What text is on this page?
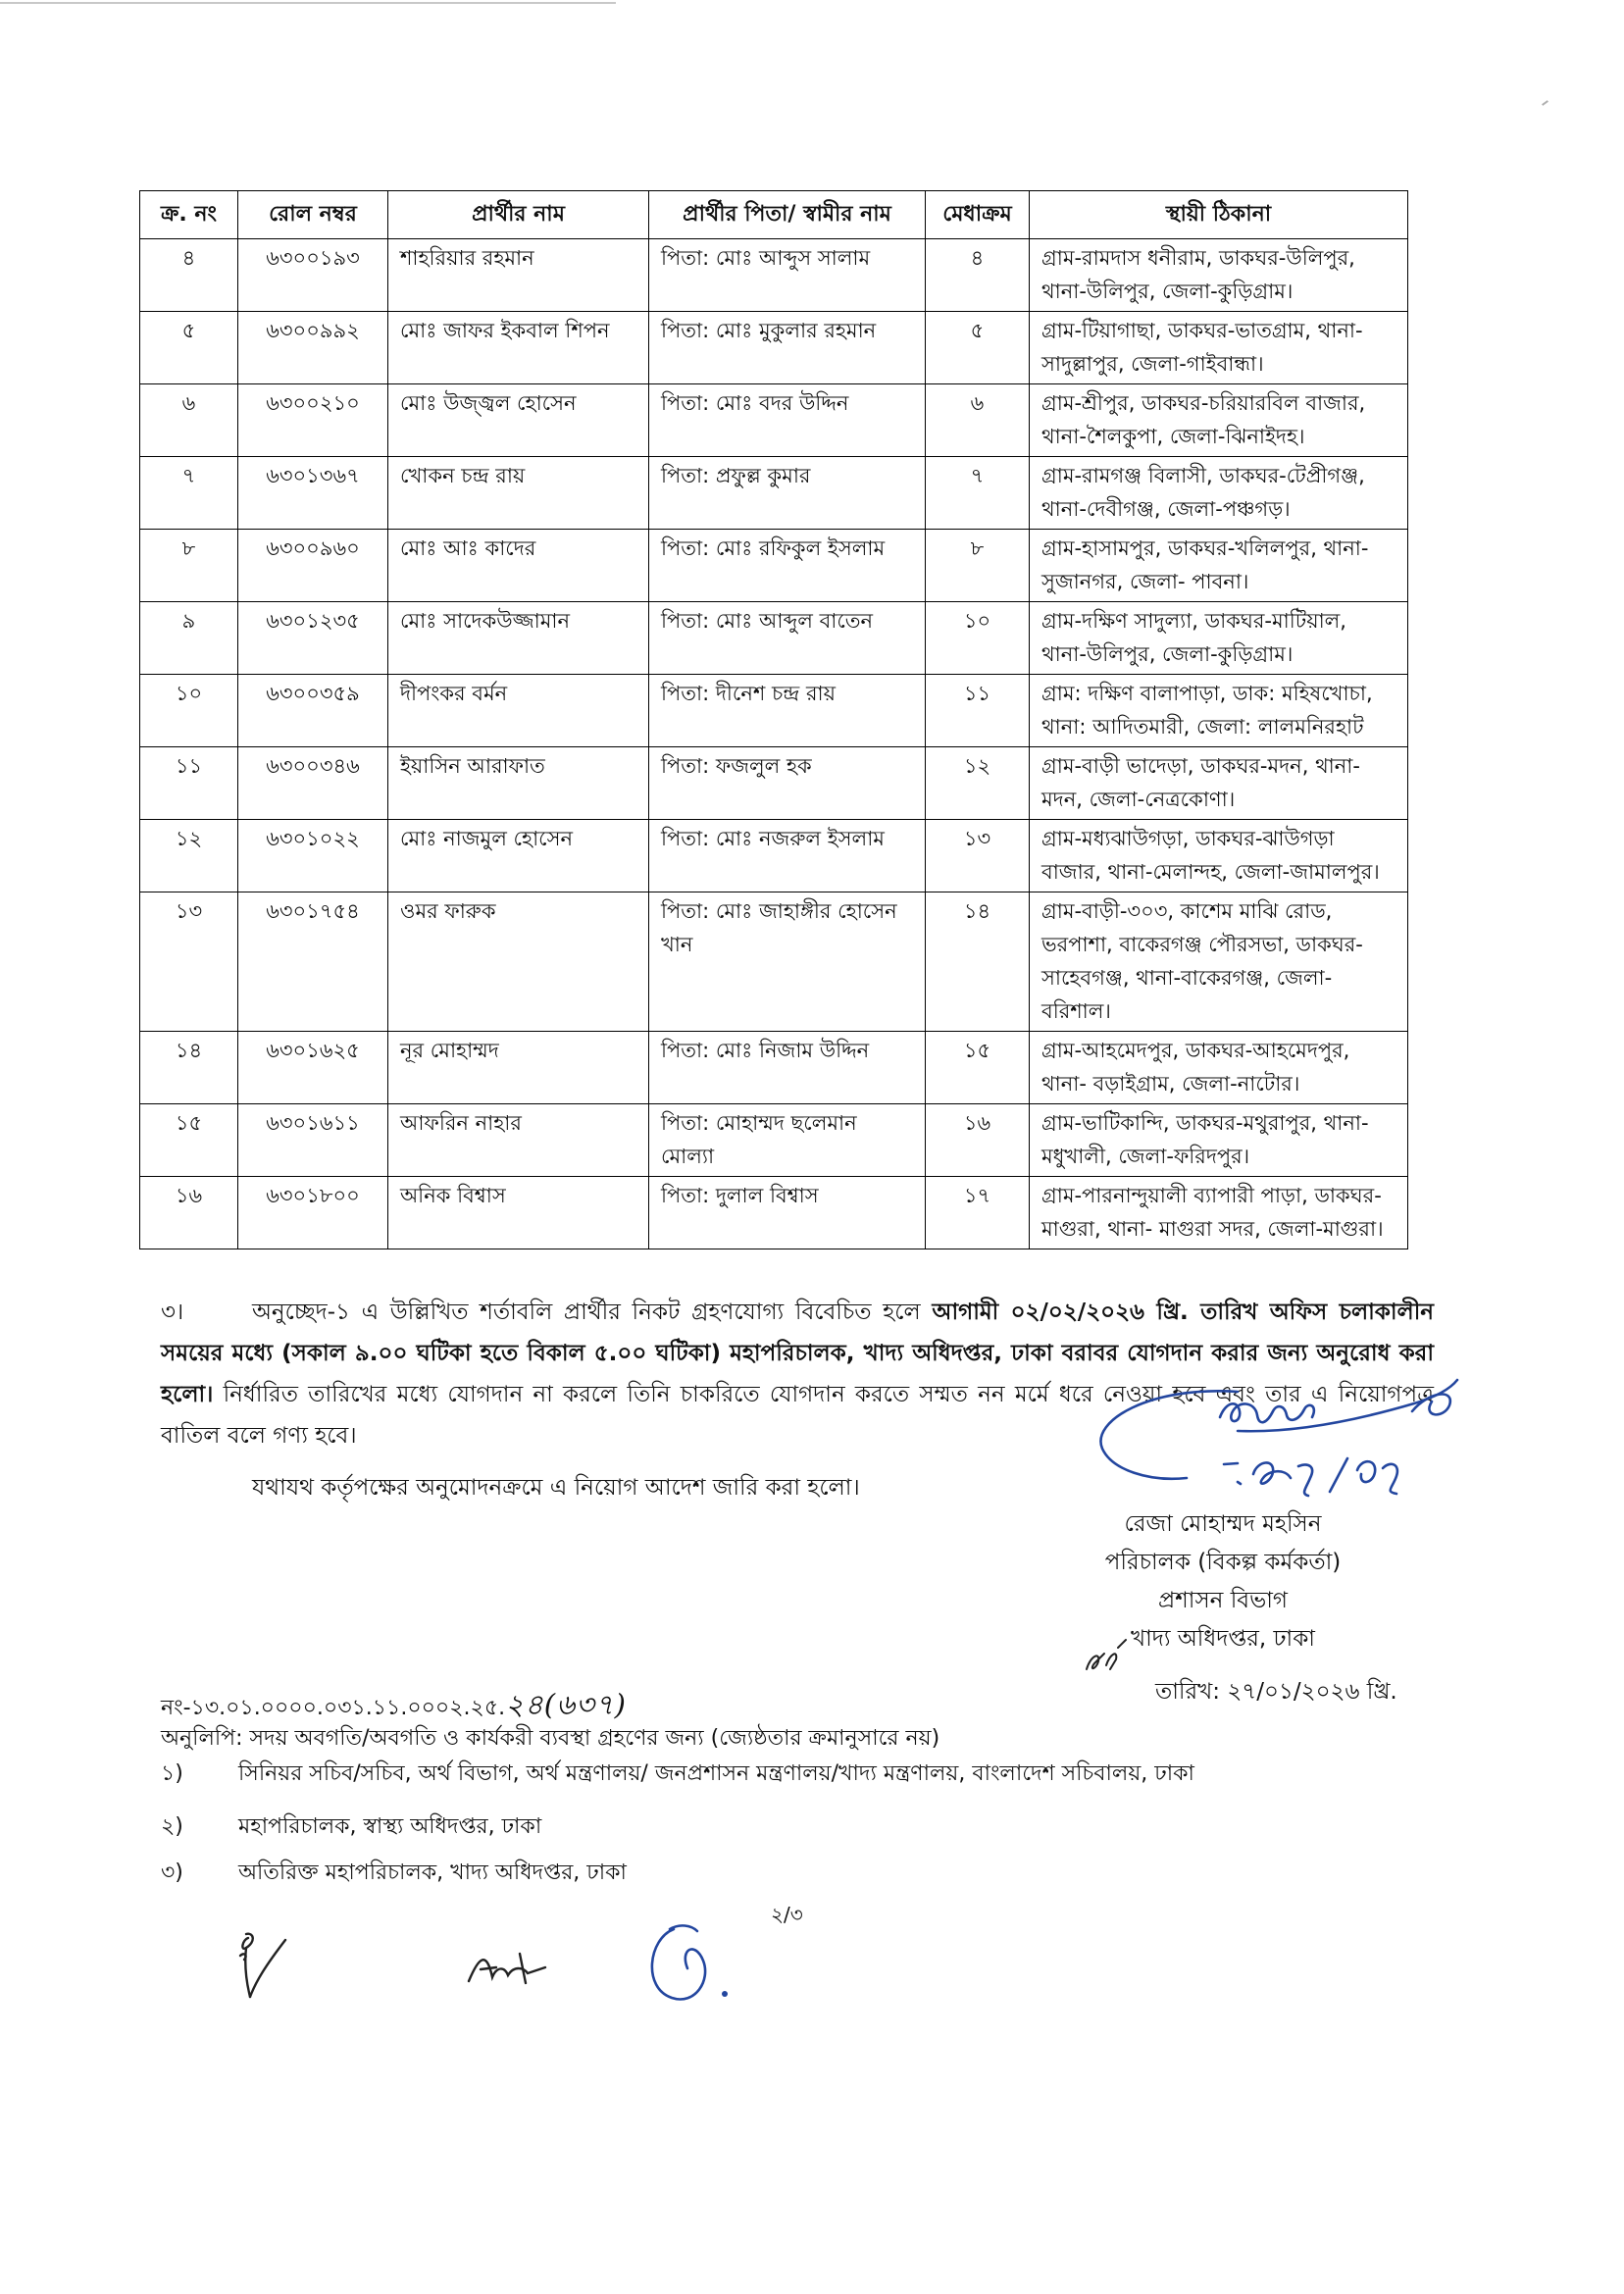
ক্র. নং	রোল নম্বর	প্রার্থীর নাম	প্রার্থীর পিতা/ স্বামীর নাম	মেধাক্রম	স্থায়ী ঠিকানা
৪	৬৩০০১৯৩	শাহরিয়ার রহমান	পিতা: মোঃ আব্দুস সালাম	৪	গ্রাম-রামদাস ধনীরাম, ডাকঘর-উলিপুর, থানা-উলিপুর, জেলা-কুড়িগ্রাম।
৫	৬৩০০৯৯২	মোঃ জাফর ইকবাল শিপন	পিতা: মোঃ মুকুলার রহমান	৫	গ্রাম-টিয়াগাছা, ডাকঘর-ভাতগ্রাম, থানা-সাদুল্লাপুর, জেলা-গাইবান্ধা।
৬	৬৩০০২১০	মোঃ উজ্জ্বল হোসেন	পিতা: মোঃ বদর উদ্দিন	৬	গ্রাম-শ্রীপুর, ডাকঘর-চরিয়ারবিল বাজার, থানা-শৈলকুপা, জেলা-ঝিনাইদহ।
৭	৬৩০১৩৬৭	খোকন চন্দ্র রায়	পিতা: প্রফুল্ল কুমার	৭	গ্রাম-রামগঞ্জ বিলাসী, ডাকঘর-টেপ্রীগঞ্জ, থানা-দেবীগঞ্জ, জেলা-পঞ্চগড়।
৮	৬৩০০৯৬০	মোঃ আঃ কাদের	পিতা: মোঃ রফিকুল ইসলাম	৮	গ্রাম-হাসামপুর, ডাকঘর-খলিলপুর, থানা-সুজানগর, জেলা- পাবনা।
৯	৬৩০১২৩৫	মোঃ সাদেকউজ্জামান	পিতা: মোঃ আব্দুল বাতেন	১০	গ্রাম-দক্ষিণ সাদুল্যা, ডাকঘর-মাটিয়াল, থানা-উলিপুর, জেলা-কুড়িগ্রাম।
১০	৬৩০০৩৫৯	দীপংকর বর্মন	পিতা: দীনেশ চন্দ্র রায়	১১	গ্রাম: দক্ষিণ বালাপাড়া, ডাক: মহিষখোচা, থানা: আদিতমারী, জেলা: লালমনিরহাট
১১	৬৩০০৩৪৬	ইয়াসিন আরাফাত	পিতা: ফজলুল হক	১২	গ্রাম-বাড়ী ভাদেড়া, ডাকঘর-মদন, থানা-মদন, জেলা-নেত্রকোণা।
১২	৬৩০১০২২	মোঃ নাজমুল হোসেন	পিতা: মোঃ নজরুল ইসলাম	১৩	গ্রাম-মধ্যঝাউগড়া, ডাকঘর-ঝাউগড়া বাজার, থানা-মেলান্দহ, জেলা-জামালপুর।
১৩	৬৩০১৭৫৪	ওমর ফারুক	পিতা: মোঃ জাহাঙ্গীর হোসেন খান	১৪	গ্রাম-বাড়ী-৩০৩, কাশেম মাঝি রোড, ভরপাশা, বাকেরগঞ্জ পৌরসভা, ডাকঘর-সাহেবগঞ্জ, থানা-বাকেরগঞ্জ, জেলা-বরিশাল।
১৪	৬৩০১৬২৫	নূর মোহাম্মদ	পিতা: মোঃ নিজাম উদ্দিন	১৫	গ্রাম-আহমেদপুর, ডাকঘর-আহমেদপুর, থানা- বড়াইগ্রাম, জেলা-নাটোর।
১৫	৬৩০১৬১১	আফরিন নাহার	পিতা: মোহাম্মদ ছলেমান মোল্যা	১৬	গ্রাম-ভাটিকান্দি, ডাকঘর-মথুরাপুর, থানা- মধুখালী, জেলা-ফরিদপুর।
১৬	৬৩০১৮০০	অনিক বিশ্বাস	পিতা: দুলাল বিশ্বাস	১৭	গ্রাম-পারনান্দুয়ালী ব্যাপারী পাড়া, ডাকঘর-মাগুরা, থানা- মাগুরা সদর, জেলা-মাগুরা।

৩।	অনুচ্ছেদ-১ এ উল্লিখিত শর্তাবলি প্রার্থীর নিকট গ্রহণযোগ্য বিবেচিত হলে আগামী ০২/০২/২০২৬ খ্রি. তারিখ অফিস চলাকালীন সময়ের মধ্যে (সকাল ৯.০০ ঘটিকা হতে বিকাল ৫.০০ ঘটিকা) মহাপরিচালক, খাদ্য অধিদপ্তর, ঢাকা বরাবর যোগদান করার জন্য অনুরোধ করা হলো। নির্ধারিত তারিখের মধ্যে যোগদান না করলে তিনি চাকরিতে যোগদান করতে সম্মত নন মর্মে ধরে নেওয়া হবে এবং তার এ নিয়োগপত্র বাতিল বলে গণ্য হবে।

যথাযথ কর্তৃপক্ষের অনুমোদনক্রমে এ নিয়োগ আদেশ জারি করা হলো।
রেজা মোহাম্মদ মহসিন
পরিচালক (বিকল্প কর্মকর্তা)
প্রশাসন বিভাগ
খাদ্য অধিদপ্তর, ঢাকা
তারিখ: ২৭/০১/২০২৬ খ্রি.
নং-১৩.০১.০০০০.০৩১.১১.০০০২.২৫.২৪(৬৩৭)
অনুলিপি: সদয় অবগতি/অবগতি ও কার্যকরী ব্যবস্থা গ্রহণের জন্য (জ্যেষ্ঠতার ক্রমানুসারে নয়)
১)	সিনিয়র সচিব/সচিব, অর্থ বিভাগ, অর্থ মন্ত্রণালয়/ জনপ্রশাসন মন্ত্রণালয়/খাদ্য মন্ত্রণালয়, বাংলাদেশ সচিবালয়, ঢাকা
২)	মহাপরিচালক, স্বাস্থ্য অধিদপ্তর, ঢাকা
৩)	অতিরিক্ত মহাপরিচালক, খাদ্য অধিদপ্তর, ঢাকা
২/৩
